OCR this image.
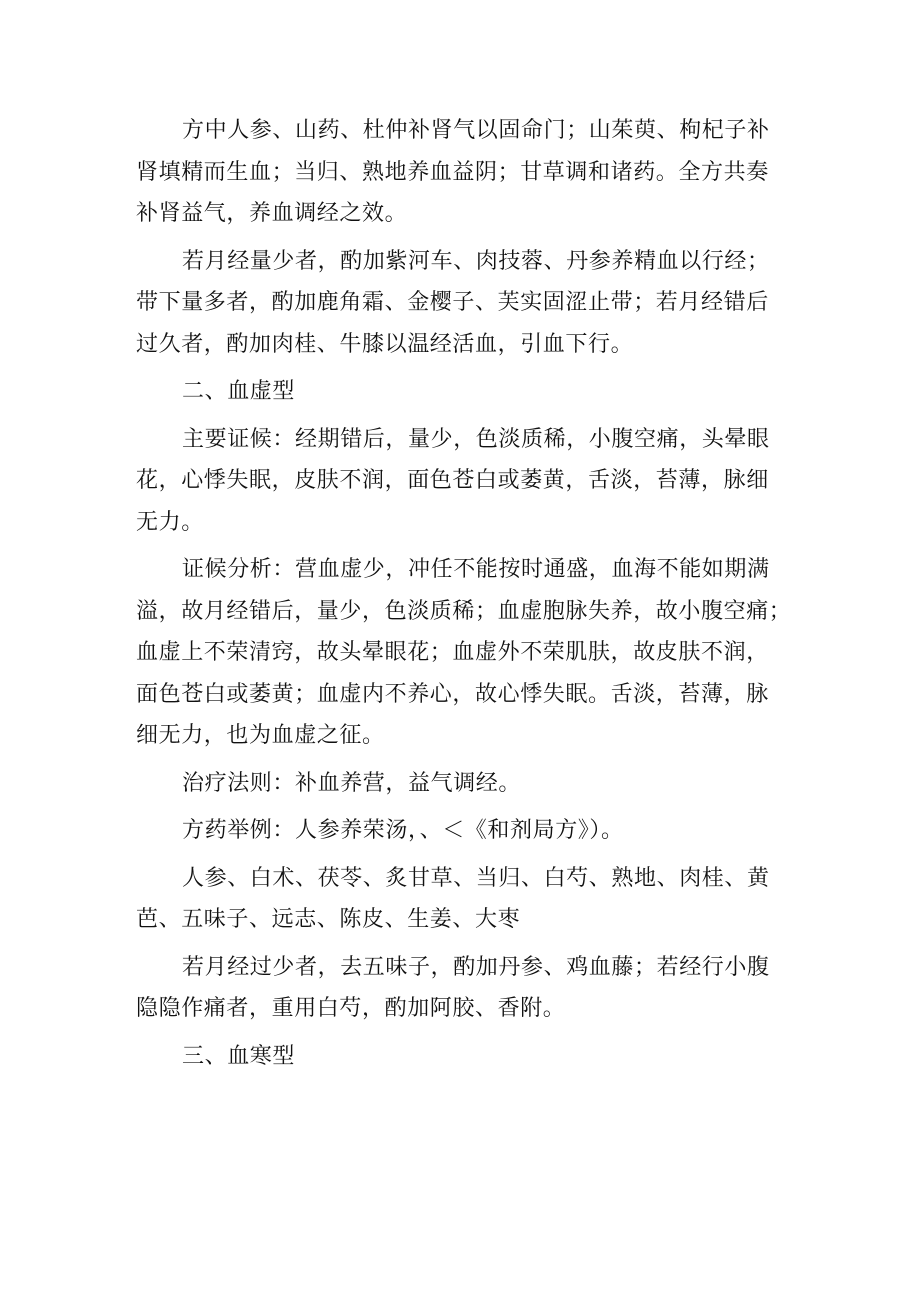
方中人参、山药、杜仲补肾气以固命门；山茱萸、枸杞子补
肾填精而生血；当归、熟地养血益阴；甘草调和诸药。全方共奏
补肾益气，养血调经之效。

若月经量少者，酌加紫河车、肉技蓉、丹参养精血以行经；
带下量多者，酌加鹿角霜、金樱子、芙实固涩止带；若月经错后
过久者，酌加肉桂、牛膝以温经活血，引血下行。

二、血虚型

主要证候：经期错后，量少，色淡质稀，小腹空痛，头晕眼
花，心悸失眠，皮肤不润，面色苍白或萎黄，舌淡，苔薄，脉细
无力。

证候分析：营血虚少，冲任不能按时通盛，血海不能如期满
溢，故月经错后，量少，色淡质稀；血虚胞脉失养，故小腹空痛；
血虚上不荣清窍，故头晕眼花；血虚外不荣肌肤，故皮肤不润，
面色苍白或萎黄；血虚内不养心，故心悸失眠。舌淡，苔薄，脉
细无力，也为血虚之征。

治疗法则：补血养营，益气调经。

方药举例：人参养荣汤，、＜《和剂局方》）。

人参、白术、茯苓、炙甘草、当归、白芍、熟地、肉桂、黄
芭、五味子、远志、陈皮、生姜、大枣

若月经过少者，去五味子，酌加丹参、鸡血藤；若经行小腹
隐隐作痛者，重用白芍，酌加阿胶、香附。

三、血寒型
